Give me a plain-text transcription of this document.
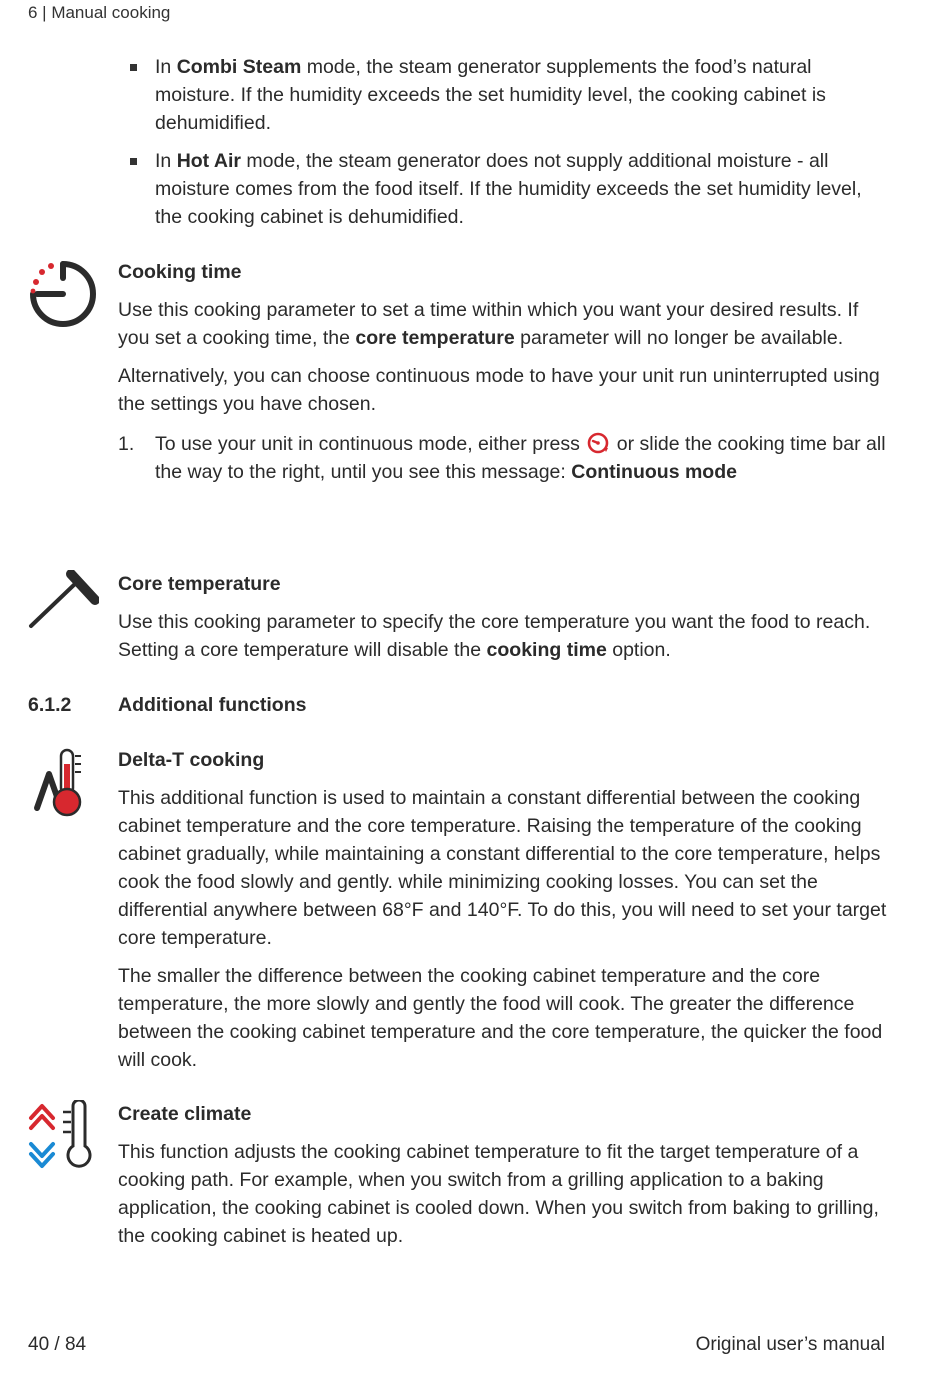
6 | Manual cooking
In Combi Steam mode, the steam generator supplements the food’s natural moisture. If the humidity exceeds the set humidity level, the cooking cabinet is dehumidified.
In Hot Air mode, the steam generator does not supply additional moisture - all moisture comes from the food itself. If the humidity exceeds the set humidity level, the cooking cabinet is dehumidified.
Cooking time

Use this cooking parameter to set a time within which you want your desired results. If you set a cooking time, the core temperature parameter will no longer be available.

Alternatively, you can choose continuous mode to have your unit run uninterrupted using the settings you have chosen.

1. To use your unit in continuous mode, either press  or slide the cooking time bar all the way to the right, until you see this message: Continuous mode
Core temperature

Use this cooking parameter to specify the core temperature you want the food to reach. Setting a core temperature will disable the cooking time option.

6.1.2 Additional functions
Delta-T cooking

This additional function is used to maintain a constant differential between the cooking cabinet temperature and the core temperature. Raising the temperature of the cooking cabinet gradually, while maintaining a constant differential to the core temperature, helps cook the food slowly and gently. while minimizing cooking losses. You can set the differential anywhere between 68°F and 140°F. To do this, you will need to set your target core temperature.

The smaller the difference between the cooking cabinet temperature and the core temperature, the more slowly and gently the food will cook. The greater the difference between the cooking cabinet temperature and the core temperature, the quicker the food will cook.

Create climate

This function adjusts the cooking cabinet temperature to fit the target temperature of a cooking path. For example, when you switch from a grilling application to a baking application, the cooking cabinet is cooled down. When you switch from baking to grilling, the cooking cabinet is heated up.

40 / 84	Original user’s manual
